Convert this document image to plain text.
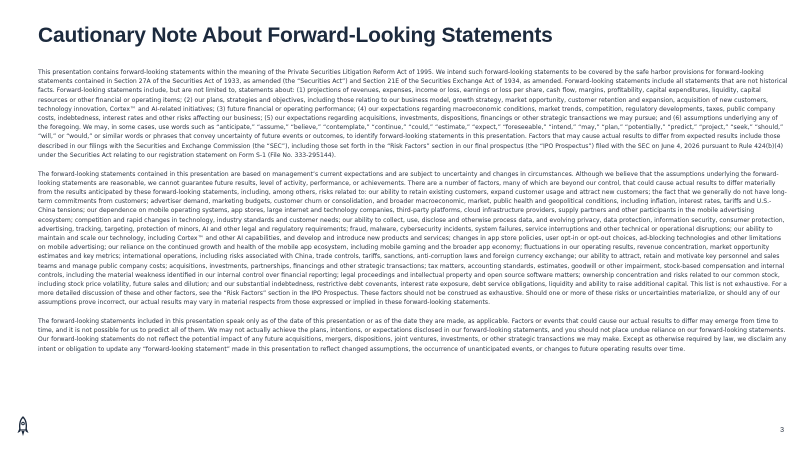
Cautionary Note About Forward-Looking Statements

This presentation contains forward-looking statements within the meaning of the Private Securities Litigation Reform Act of 1995. We intend such forward-looking statements to be covered by the safe harbor provisions for forward-looking statements contained in Section 27A of the Securities Act of 1933, as amended (the “Securities Act”) and Section 21E of the Securities Exchange Act of 1934, as amended. Forward-looking statements include all statements that are not historical facts. Forward-looking statements include, but are not limited to, statements about: (1) projections of revenues, expenses, income or loss, earnings or loss per share, cash flow, margins, profitability, capital expenditures, liquidity, capital resources or other financial or operating items; (2) our plans, strategies and objectives, including those relating to our business model, growth strategy, market opportunity, customer retention and expansion, acquisition of new customers, technology innovation, Cortex™ and AI-related initiatives; (3) future financial or operating performance; (4) our expectations regarding macroeconomic conditions, market trends, competition, regulatory developments, taxes, public company costs, indebtedness, interest rates and other risks affecting our business; (5) our expectations regarding acquisitions, investments, dispositions, financings or other strategic transactions we may pursue; and (6) assumptions underlying any of the foregoing. We may, in some cases, use words such as “anticipate,” “assume,” “believe,” “contemplate,” “continue,” “could,” “estimate,” “expect,” “foreseeable,” “intend,” “may,” “plan,” “potentially,” “predict,” “project,” “seek,” “should,” “will,” or “would,” or similar words or phrases that convey uncertainty of future events or outcomes, to identify forward-looking statements in this presentation. Factors that may cause actual results to differ from expected results include those described in our filings with the Securities and Exchange Commission (the “SEC”), including those set forth in the “Risk Factors” section in our final prospectus (the “IPO Prospectus”) filed with the SEC on June 4, 2026 pursuant to Rule 424(b)(4) under the Securities Act relating to our registration statement on Form S-1 (File No. 333-295144).

The forward-looking statements contained in this presentation are based on management’s current expectations and are subject to uncertainty and changes in circumstances. Although we believe that the assumptions underlying the forward-looking statements are reasonable, we cannot guarantee future results, level of activity, performance, or achievements. There are a number of factors, many of which are beyond our control, that could cause actual results to differ materially from the results anticipated by these forward-looking statements, including, among others, risks related to: our ability to retain existing customers, expand customer usage and attract new customers; the fact that we generally do not have long-term commitments from customers; advertiser demand, marketing budgets, customer churn or consolidation, and broader macroeconomic, market, public health and geopolitical conditions, including inflation, interest rates, tariffs and U.S.-China tensions; our dependence on mobile operating systems, app stores, large internet and technology companies, third-party platforms, cloud infrastructure providers, supply partners and other participants in the mobile advertising ecosystem; competition and rapid changes in technology, industry standards and customer needs; our ability to collect, use, disclose and otherwise process data, and evolving privacy, data protection, information security, consumer protection, advertising, tracking, targeting, protection of minors, AI and other legal and regulatory requirements; fraud, malware, cybersecurity incidents, system failures, service interruptions and other technical or operational disruptions; our ability to maintain and scale our technology, including Cortex™ and other AI capabilities, and develop and introduce new products and services; changes in app store policies, user opt-in or opt-out choices, ad-blocking technologies and other limitations on mobile advertising; our reliance on the continued growth and health of the mobile app ecosystem, including mobile gaming and the broader app economy; fluctuations in our operating results, revenue concentration, market opportunity estimates and key metrics; international operations, including risks associated with China, trade controls, tariffs, sanctions, anti-corruption laws and foreign currency exchange; our ability to attract, retain and motivate key personnel and sales teams and manage public company costs; acquisitions, investments, partnerships, financings and other strategic transactions; tax matters, accounting standards, estimates, goodwill or other impairment, stock-based compensation and internal controls, including the material weakness identified in our internal control over financial reporting; legal proceedings and intellectual property and open source software matters; ownership concentration and risks related to our common stock, including stock price volatility, future sales and dilution; and our substantial indebtedness, restrictive debt covenants, interest rate exposure, debt service obligations, liquidity and ability to raise additional capital. This list is not exhaustive. For a more detailed discussion of these and other factors, see the “Risk Factors” section in the IPO Prospectus. These factors should not be construed as exhaustive. Should one or more of these risks or uncertainties materialize, or should any of our assumptions prove incorrect, our actual results may vary in material respects from those expressed or implied in these forward-looking statements.

The forward-looking statements included in this presentation speak only as of the date of this presentation or as of the date they are made, as applicable. Factors or events that could cause our actual results to differ may emerge from time to time, and it is not possible for us to predict all of them. We may not actually achieve the plans, intentions, or expectations disclosed in our forward-looking statements, and you should not place undue reliance on our forward-looking statements. Our forward-looking statements do not reflect the potential impact of any future acquisitions, mergers, dispositions, joint ventures, investments, or other strategic transactions we may make. Except as otherwise required by law, we disclaim any intent or obligation to update any “forward-looking statement” made in this presentation to reflect changed assumptions, the occurrence of unanticipated events, or changes to future operating results over time.

3
